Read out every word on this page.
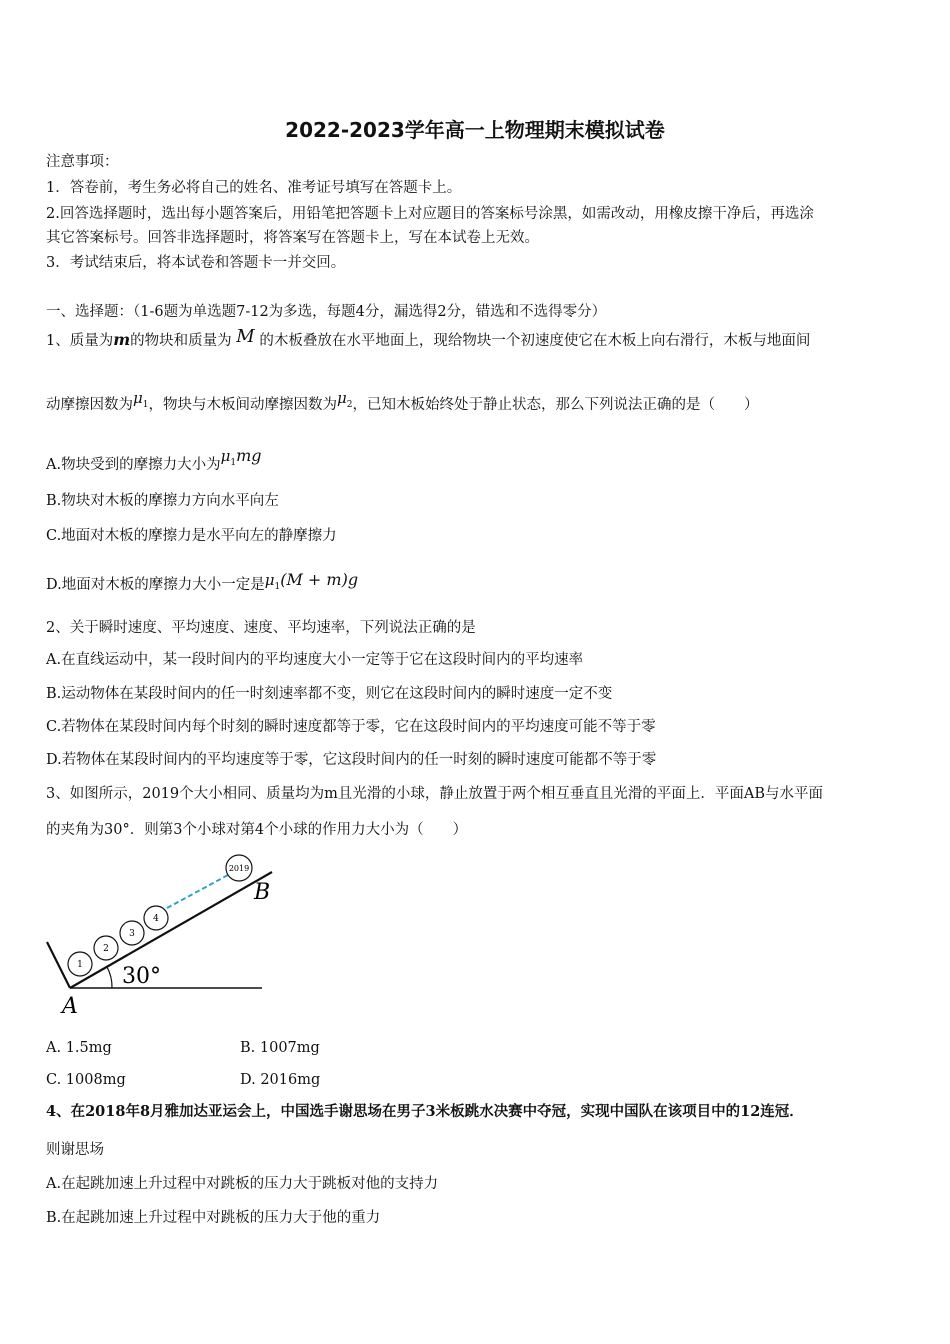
2022-2023学年高一上物理期末模拟试卷
注意事项：
1．答卷前，考生务必将自己的姓名、准考证号填写在答题卡上。
2.回答选择题时，选出每小题答案后，用铅笔把答题卡上对应题目的答案标号涂黑，如需改动，用橡皮擦干净后，再选涂
其它答案标号。回答非选择题时，将答案写在答题卡上，写在本试卷上无效。
3．考试结束后，将本试卷和答题卡一并交回。
一、选择题：（1-6题为单选题7-12为多选，每题4分，漏选得2分，错选和不选得零分）
1、质量为m的物块和质量为 M 的木板叠放在水平地面上，现给物块一个初速度使它在木板上向右滑行，木板与地面间
动摩擦因数为$\mu_1$，物块与木板间动摩擦因数为$\mu_2$，已知木板始终处于静止状态，那么下列说法正确的是（　　）
A.物块受到的摩擦力大小为$\mu_1mg$
B.物块对木板的摩擦力方向水平向左
C.地面对木板的摩擦力是水平向左的静摩擦力
D.地面对木板的摩擦力大小一定是$\mu_1(M + m)g$
2、关于瞬时速度、平均速度、速度、平均速率，下列说法正确的是
A.在直线运动中，某一段时间内的平均速度大小一定等于它在这段时间内的平均速率
B.运动物体在某段时间内的任一时刻速率都不变，则它在这段时间内的瞬时速度一定不变
C.若物体在某段时间内每个时刻的瞬时速度都等于零，它在这段时间内的平均速度可能不等于零
D.若物体在某段时间内的平均速度等于零，它这段时间内的任一时刻的瞬时速度可能都不等于零
3、如图所示，2019个大小相同、质量均为m且光滑的小球，静止放置于两个相互垂直且光滑的平面上．平面AB与水平面
的夹角为30°．则第3个小球对第4个小球的作用力大小为（　　）
1
2
3
4
2019
30°
A
B
A. 1.5mg	B. 1007mg
C. 1008mg	D. 2016mg
4、在2018年8月雅加达亚运会上，中国选手谢思场在男子3米板跳水决赛中夺冠，实现中国队在该项目中的12连冠．
则谢思场
A.在起跳加速上升过程中对跳板的压力大于跳板对他的支持力
B.在起跳加速上升过程中对跳板的压力大于他的重力
